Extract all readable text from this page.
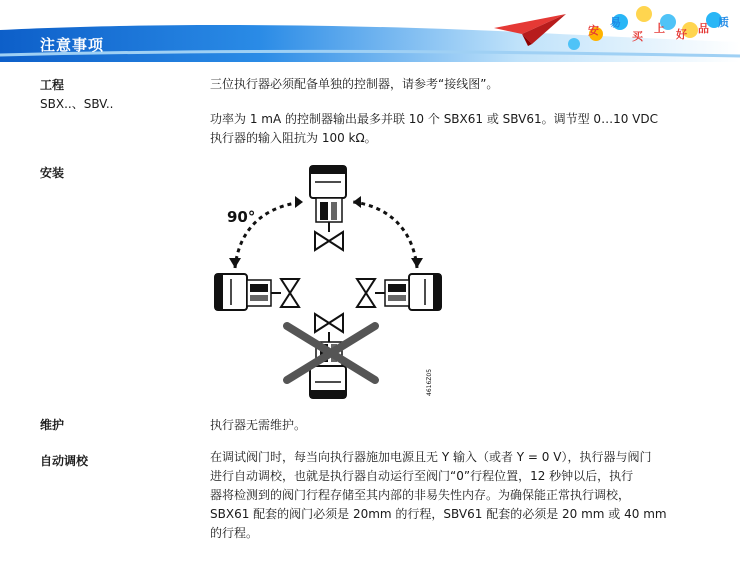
注意事项
安
易
买
上 好 品 质
工程
SBX..、SBV..
三位执行器必须配备单独的控制器，请参考“接线图”。
功率为 1 mA 的控制器输出最多并联 10 个 SBX61 或 SBV61。调节型 0…10 VDC
执行器的输入阻抗为 100 kΩ。
安装
90°
4616Z05
维护	执行器无需维护。
自动调校	在调试阀门时，每当向执行器施加电源且无 Y 输入（或者 Y = 0 V），执行器与阀门
进行自动调校，也就是执行器自动运行至阀门“0”行程位置，12 秒钟以后，执行
器将检测到的阀门行程存储至其内部的非易失性内存。为确保能正常执行调校，
SBX61 配套的阀门必须是 20mm 的行程，SBV61 配套的必须是 20 mm 或 40 mm
的行程。
